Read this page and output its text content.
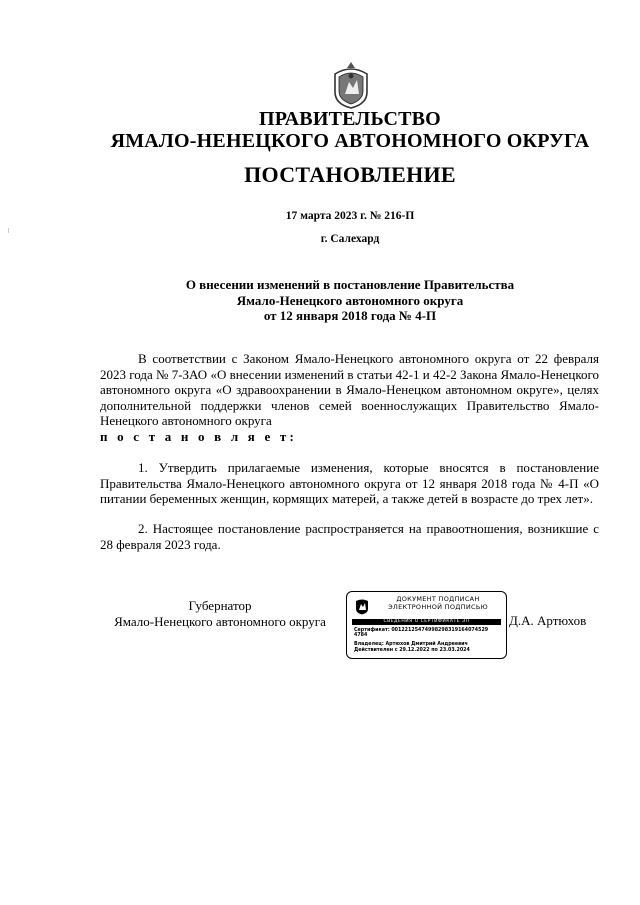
ПРАВИТЕЛЬСТВО
ЯМАЛО-НЕНЕЦКОГО АВТОНОМНОГО ОКРУГА
ПОСТАНОВЛЕНИЕ
17 марта 2023 г. № 216-П
г. Салехард
О внесении изменений в постановление Правительства
Ямало-Ненецкого автономного округа
от 12 января 2018 года № 4-П
В соответствии с Законом Ямало-Ненецкого автономного округа от 22 февраля 2023 года № 7-ЗАО «О внесении изменений в статьи 42-1 и 42-2 Закона Ямало-Ненецкого автономного округа «О здравоохранении в Ямало-Ненецком автономном округе», целях дополнительной поддержки членов семей военнослужащих Правительство Ямало-Ненецкого автономного округа
п о с т а н о в л я е т:
1. Утвердить прилагаемые изменения, которые вносятся в постановление Правительства Ямало-Ненецкого автономного округа от 12 января 2018 года № 4-П «О питании беременных женщин, кормящих матерей, а также детей в возрасте до трех лет».
2. Настоящее постановление распространяется на правоотношения, возникшие с 28 февраля 2023 года.
Губернатор
Ямало-Ненецкого автономного округа
ДОКУМЕНТ ПОДПИСАН
ЭЛЕКТРОННОЙ ПОДПИСЬЮ
СВЕДЕНИЯ О СЕРТИФИКАТЕ ЭП
Сертификат: 00122125474998298319164074529
4784
Владелец: Артюхов Дмитрий Андреевич
Действителен с 29.12.2022 по 23.03.2024
Д.А. Артюхов
